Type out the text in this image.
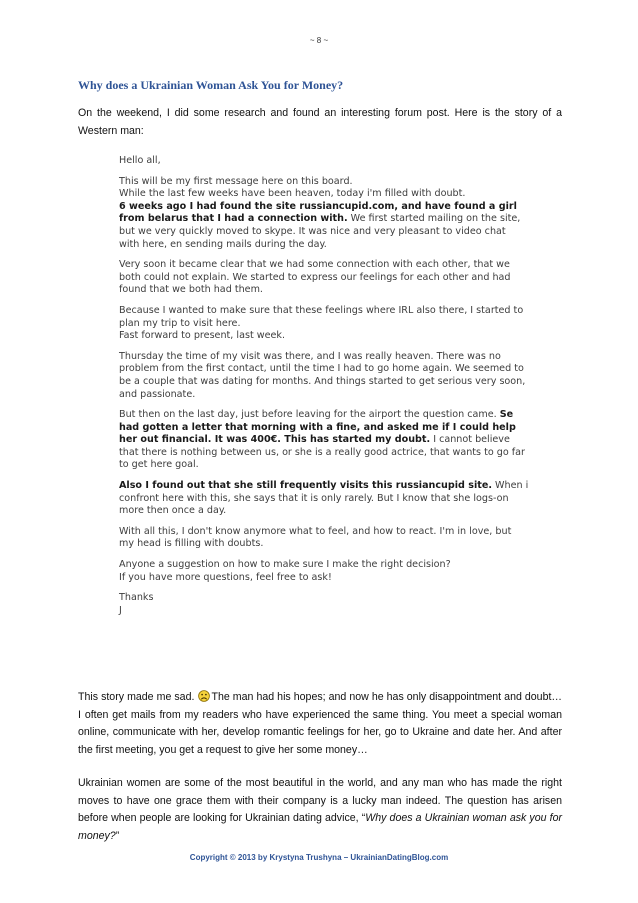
~ 8 ~
Why does a Ukrainian Woman Ask You for Money?

On the weekend, I did some research and found an interesting forum post. Here is the story of a Western man:

Hello all,

This will be my first message here on this board.
While the last few weeks have been heaven, today i'm filled with doubt.
6 weeks ago I had found the site russiancupid.com, and have found a girl from belarus that I had a connection with. We first started mailing on the site, but we very quickly moved to skype. It was nice and very pleasant to video chat with here, en sending mails during the day.

Very soon it became clear that we had some connection with each other, that we both could not explain. We started to express our feelings for each other and had found that we both had them.

Because I wanted to make sure that these feelings where IRL also there, I started to plan my trip to visit here.
Fast forward to present, last week.

Thursday the time of my visit was there, and I was really heaven. There was no problem from the first contact, until the time I had to go home again. We seemed to be a couple that was dating for months. And things started to get serious very soon, and passionate.

But then on the last day, just before leaving for the airport the question came. Se had gotten a letter that morning with a fine, and asked me if I could help her out financial. It was 400€. This has started my doubt. I cannot believe that there is nothing between us, or she is a really good actrice, that wants to go far to get here goal.

Also I found out that she still frequently visits this russiancupid site. When i confront here with this, she says that it is only rarely. But I know that she logs-on more then once a day.

With all this, I don't know anymore what to feel, and how to react. I'm in love, but my head is filling with doubts.

Anyone a suggestion on how to make sure I make the right decision?
If you have more questions, feel free to ask!

Thanks
J

This story made me sad. The man had his hopes; and now he has only disappointment and doubt… I often get mails from my readers who have experienced the same thing. You meet a special woman online, communicate with her, develop romantic feelings for her, go to Ukraine and date her. And after the first meeting, you get a request to give her some money…

Ukrainian women are some of the most beautiful in the world, and any man who has made the right moves to have one grace them with their company is a lucky man indeed. The question has arisen before when people are looking for Ukrainian dating advice, “Why does a Ukrainian woman ask you for money?”

Copyright © 2013 by Krystyna Trushyna – UkrainianDatingBlog.com
